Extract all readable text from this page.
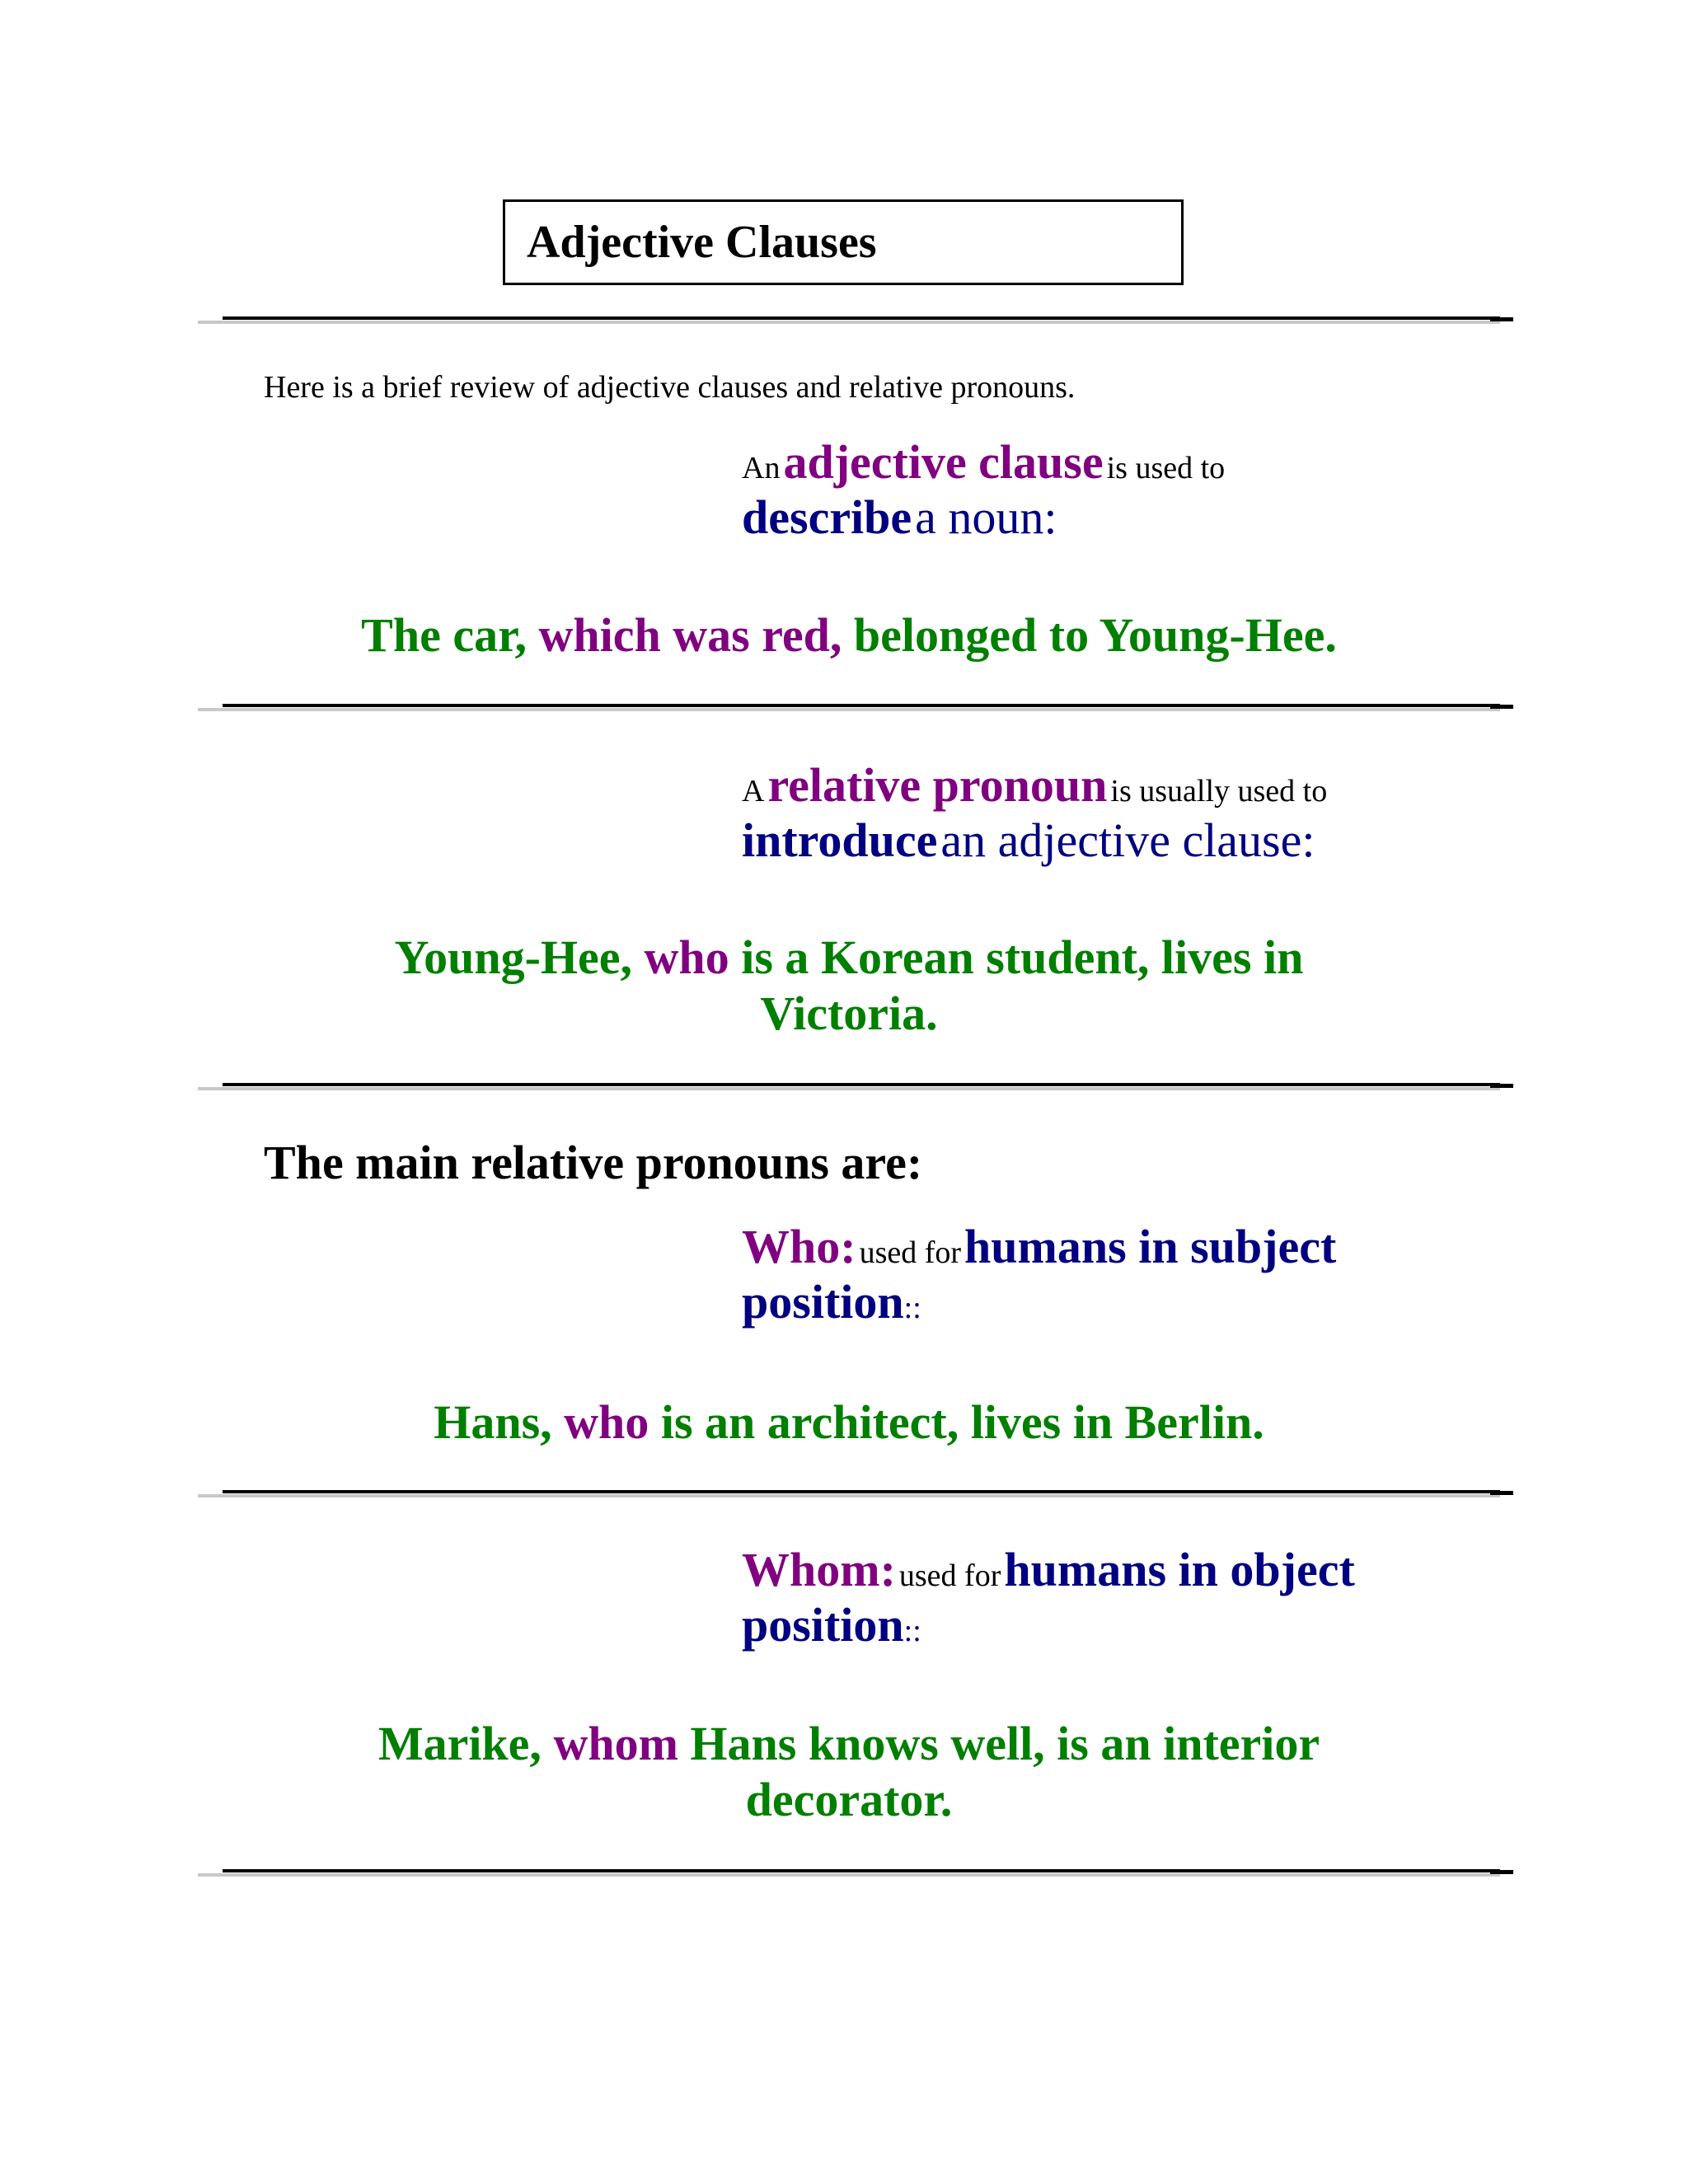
Adjective Clauses
Here is a brief review of adjective clauses and relative pronouns.
An adjective clause is used to
describe a noun:
The car, which was red, belonged to Young-Hee.
A relative pronoun is usually used to
introduce an adjective clause:
Young-Hee, who is a Korean student, lives in
Victoria.
The main relative pronouns are:
Who: used for humans in subject
position::
Hans, who is an architect, lives in Berlin.
Whom: used for humans in object
position::
Marike, whom Hans knows well, is an interior
decorator.
